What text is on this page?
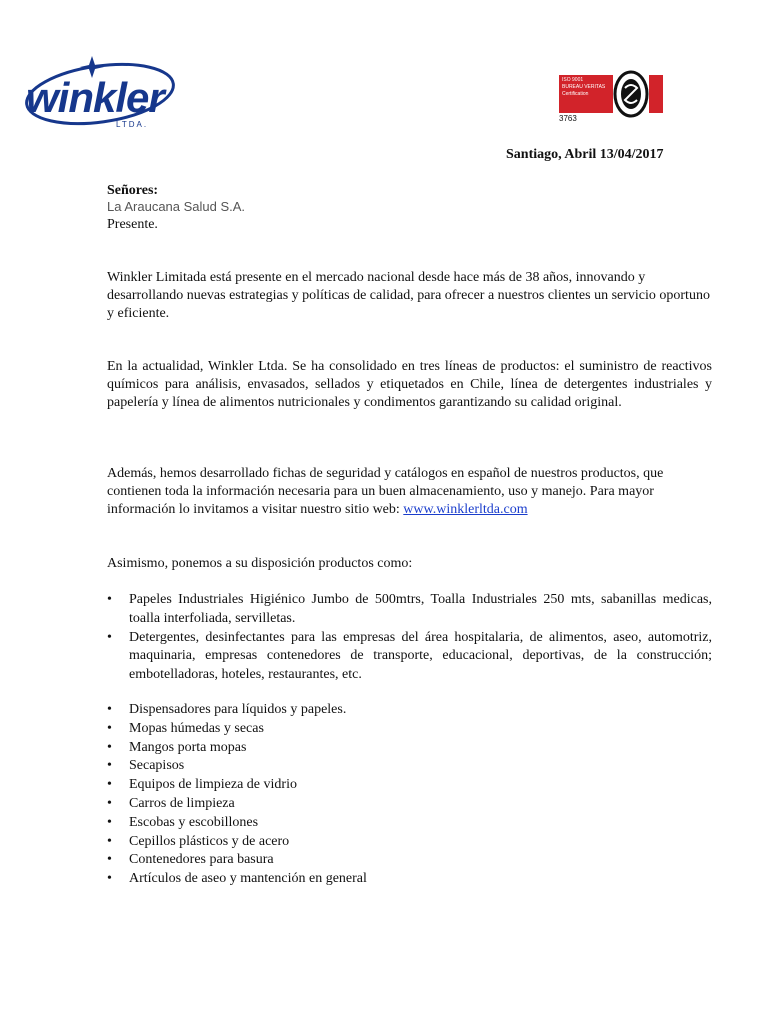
winkler
LTDA.
ISO 9001
BUREAU VERITAS
Certification
3763
Santiago, Abril 13/04/2017
Señores:
La Araucana Salud S.A.
Presente.
Winkler Limitada está presente en el mercado nacional desde hace más de 38 años, innovando y desarrollando nuevas estrategias y políticas de calidad, para ofrecer a nuestros clientes un servicio oportuno y eficiente.
En la actualidad, Winkler Ltda. Se ha consolidado en tres líneas de productos: el suministro de reactivos químicos para análisis, envasados, sellados y etiquetados en Chile, línea de detergentes industriales y papelería y línea de alimentos nutricionales y condimentos garantizando su calidad original.
Además, hemos desarrollado fichas de seguridad y catálogos en español de nuestros productos, que contienen toda la información necesaria para un buen almacenamiento, uso y manejo. Para mayor información lo invitamos a visitar nuestro sitio web: www.winklerltda.com
Asimismo, ponemos a su disposición productos como:
• Papeles Industriales Higiénico Jumbo de 500mtrs, Toalla Industriales 250 mts, sabanillas medicas, toalla interfoliada, servilletas.
• Detergentes, desinfectantes para las empresas del área hospitalaria, de alimentos, aseo, automotriz, maquinaria, empresas contenedores de transporte, educacional, deportivas, de la construcción; embotelladoras, hoteles, restaurantes, etc.
• Dispensadores para líquidos y papeles.
• Mopas húmedas y secas
• Mangos porta mopas
• Secapisos
• Equipos de limpieza de vidrio
• Carros de limpieza
• Escobas y escobillones
• Cepillos plásticos y de acero
• Contenedores para basura
• Artículos de aseo y mantención en general
